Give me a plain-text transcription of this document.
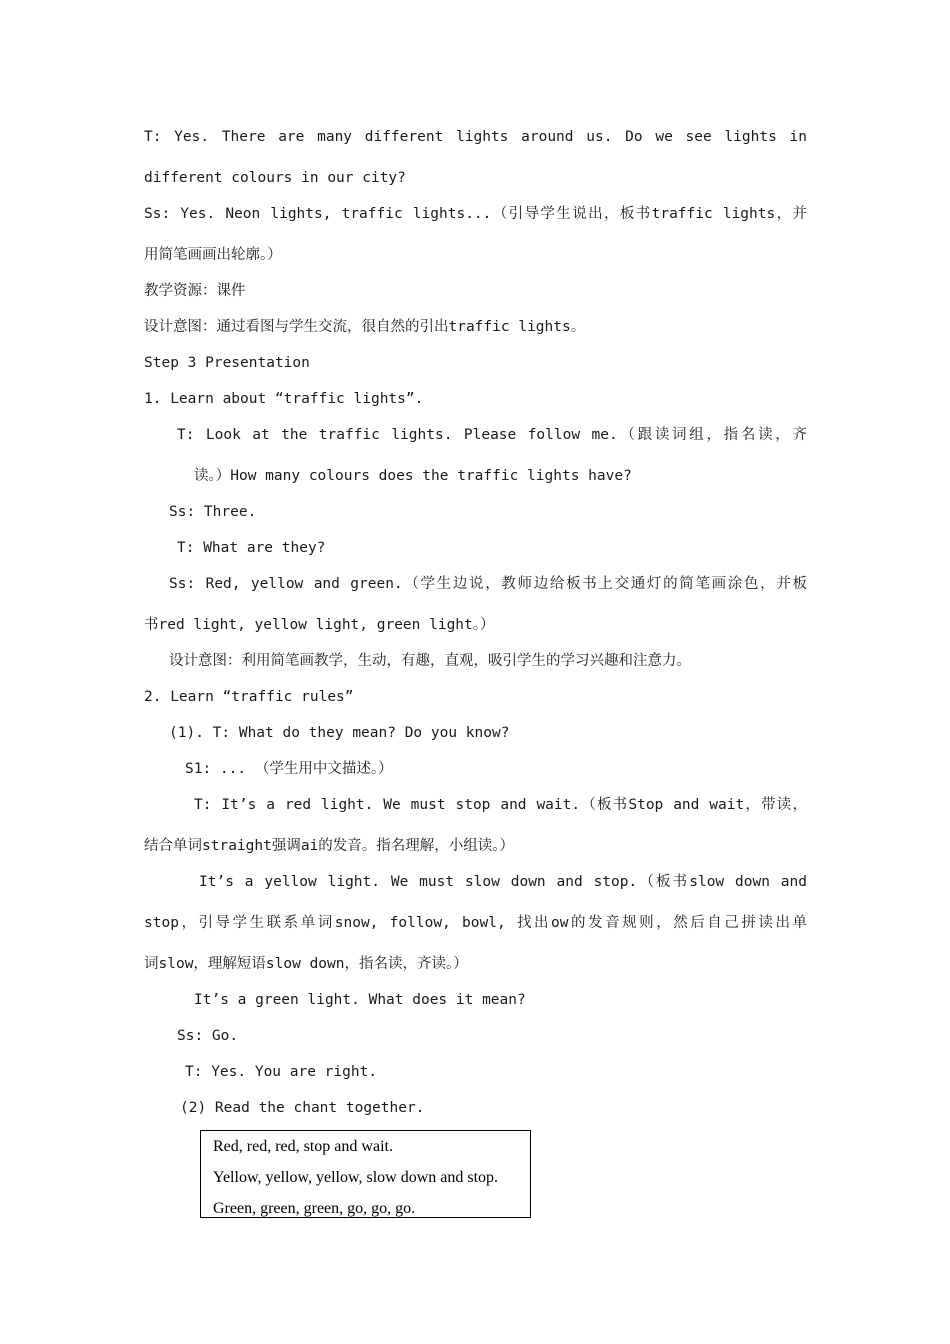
T: Yes. There are many different lights around us. Do we see lights in
different colours in our city?
Ss: Yes. Neon lights, traffic lights...（引导学生说出，板书traffic lights，并
用简笔画画出轮廓。）
教学资源：课件
设计意图：通过看图与学生交流，很自然的引出traffic lights。
Step 3 Presentation
1. Learn about “traffic lights”.
T: Look at the traffic lights. Please follow me.（跟读词组，指名读，齐
读。）How many colours does the traffic lights have?
Ss: Three.
T: What are they?
Ss: Red, yellow and green.（学生边说，教师边给板书上交通灯的简笔画涂色，并板
书red light, yellow light, green light。）
设计意图：利用简笔画教学，生动，有趣，直观，吸引学生的学习兴趣和注意力。
2. Learn “traffic rules”
(1). T: What do they mean? Do you know?
S1: ... （学生用中文描述。）
T: It’s a red light. We must stop and wait.（板书Stop and wait，带读，
结合单词straight强调ai的发音。指名理解，小组读。）
It’s a yellow light. We must slow down and stop.（板书slow down and
stop，引导学生联系单词snow, follow, bowl, 找出ow的发音规则，然后自己拼读出单
词slow，理解短语slow down，指名读，齐读。）
It’s a green light. What does it mean?
Ss: Go.
T: Yes. You are right.
(2) Read the chant together.
Red, red, red, stop and wait.
Yellow, yellow, yellow, slow down and stop.
Green, green, green, go, go, go.
